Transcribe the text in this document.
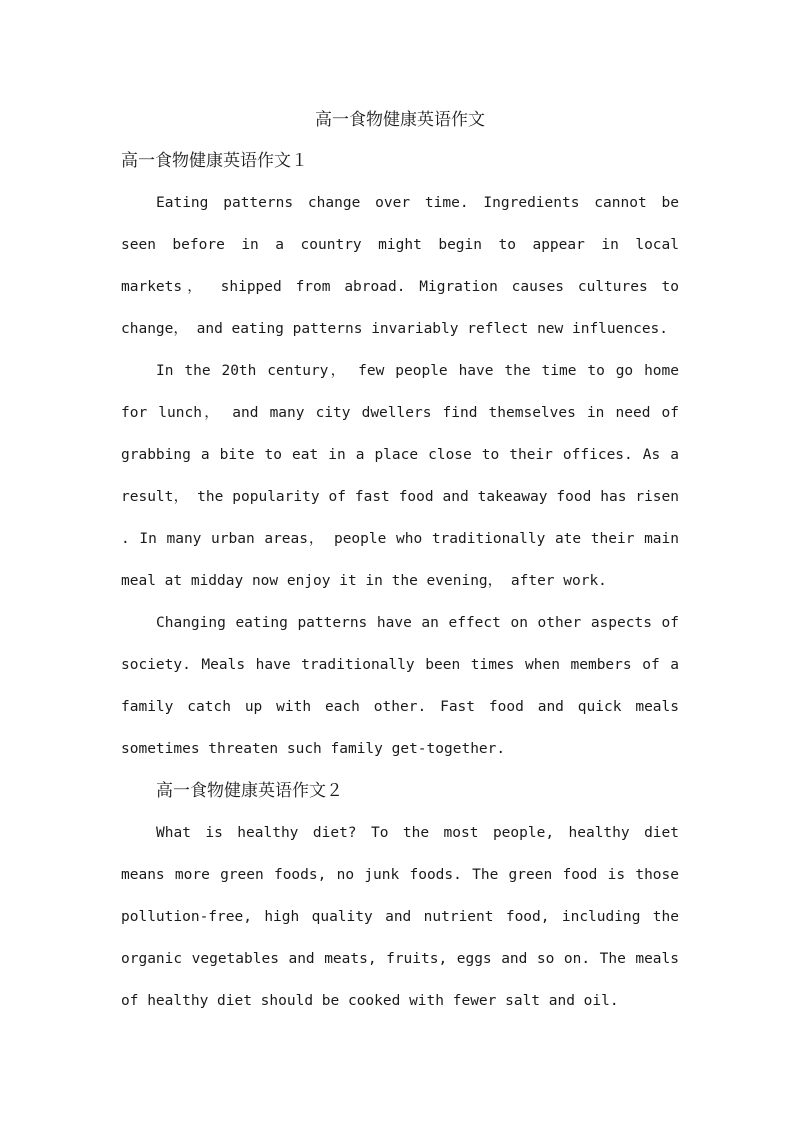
高一食物健康英语作文
高一食物健康英语作文１

Eating patterns change over time. Ingredients cannot be seen before in a country might begin to appear in local markets， shipped from abroad. Migration causes cultures to change， and eating patterns invariably reflect new influences.

In the 20th century， few people have the time to go home for lunch， and many city dwellers find themselves in need of grabbing a bite to eat in a place close to their offices. As a result， the popularity of fast food and takeaway food has risen . In many urban areas， people who traditionally ate their main meal at midday now enjoy it in the evening， after work.

Changing eating patterns have an effect on other aspects of society. Meals have traditionally been times when members of a family catch up with each other. Fast food and quick meals sometimes threaten such family get-together.

高一食物健康英语作文２

What is healthy diet? To the most people, healthy diet means more green foods, no junk foods. The green food is those pollution-free, high quality and nutrient food, including the organic vegetables and meats, fruits, eggs and so on. The meals of healthy diet should be cooked with fewer salt and oil.
